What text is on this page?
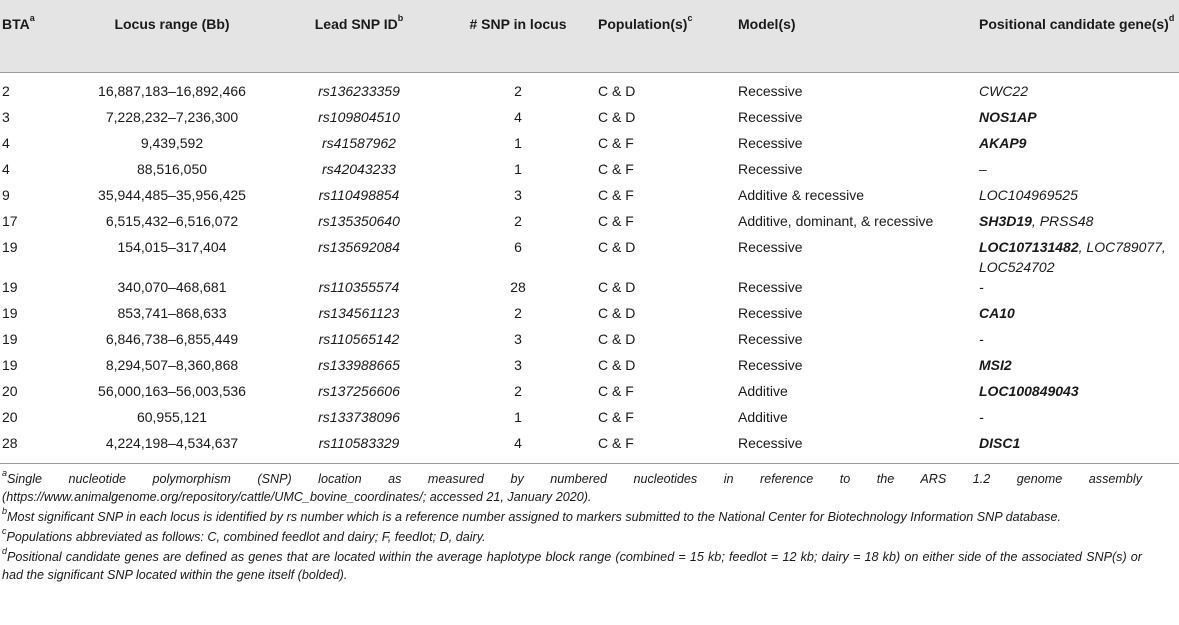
BTA$^a$	Locus range (Bb)	Lead SNP $ID^b$	# SNP in locus	$Population(s)^c$	Model(s)	Positional candidate $gene(s)^d$
2	16,887,183–16,892,466	rs136233359	2	C & D	Recessive	CWC22
3	7,228,232–7,236,300	rs109804510	4	C & D	Recessive	NOS1AP
4	9,439,592	rs41587962	1	C & F	Recessive	AKAP9
4	88,516,050	rs42043233	1	C & F	Recessive	–
9	35,944,485–35,956,425	rs110498854	3	C & F	Additive & recessive	LOC104969525
17	6,515,432–6,516,072	rs135350640	2	C & F	Additive, dominant, & recessive	SH3D19, PRSS48
19	154,015–317,404	rs135692084	6	C & D	Recessive	LOC107131482, LOC789077, LOC524702
19	340,070–468,681	rs110355574	28	C & D	Recessive	-
19	853,741–868,633	rs134561123	2	C & D	Recessive	CA10
19	6,846,738–6,855,449	rs110565142	3	C & D	Recessive	-
19	8,294,507–8,360,868	rs133988665	3	C & D	Recessive	MSI2
20	56,000,163–56,003,536	rs137256606	2	C & F	Additive	LOC100849043
20	60,955,121	rs133738096	1	C & F	Additive	-
28	4,224,198–4,534,637	rs110583329	4	C & F	Recessive	DISC1

$^a$Single nucleotide polymorphism (SNP) location as measured by numbered nucleotides in reference to the ARS 1.2 genome assembly (https://www.animalgenome.org/repository/cattle/UMC_bovine_coordinates/; accessed 21, January 2020).

$^b$Most significant SNP in each locus is identified by rs number which is a reference number assigned to markers submitted to the National Center for Biotechnology Information SNP database.

$^c$Populations abbreviated as follows: C, combined feedlot and dairy; F, feedlot; D, dairy.

$^d$Positional candidate genes are defined as genes that are located within the average haplotype block range (combined = 15 kb; feedlot = 12 kb; dairy = 18 kb) on either side of the associated SNP(s) or had the significant SNP located within the gene itself (bolded).
